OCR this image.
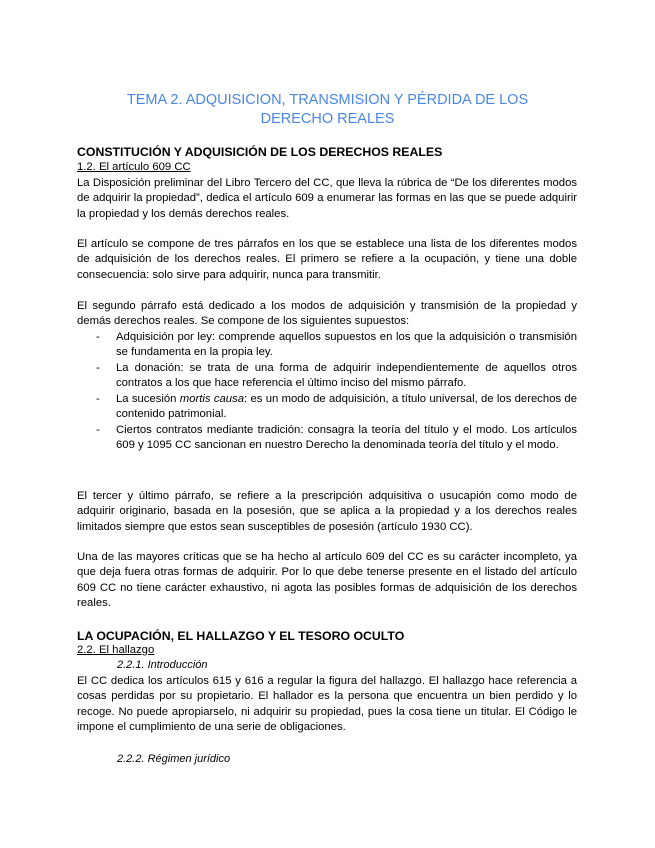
TEMA 2. ADQUISICION, TRANSMISION Y PÉRDIDA DE LOS DERECHO REALES
CONSTITUCIÓN Y ADQUISICIÓN DE LOS DERECHOS REALES
1.2. El artículo 609 CC
La Disposición preliminar del Libro Tercero del CC, que lleva la rúbrica de “De los diferentes modos de adquirir la propiedad”, dedica el artículo 609 a enumerar las formas en las que se puede adquirir la propiedad y los demás derechos reales.
El artículo se compone de tres párrafos en los que se establece una lista de los diferentes modos de adquisición de los derechos reales. El primero se refiere a la ocupación, y tiene una doble consecuencia: solo sirve para adquirir, nunca para transmitir.
El segundo párrafo está dedicado a los modos de adquisición y transmisión de la propiedad y demás derechos reales. Se compone de los siguientes supuestos:
-	Adquisición por ley: comprende aquellos supuestos en los que la adquisición o transmisión se fundamenta en la propia ley.
-	La donación: se trata de una forma de adquirir independientemente de aquellos otros contratos a los que hace referencia el último inciso del mismo párrafo.
-	La sucesión mortis causa: es un modo de adquisición, a título universal, de los derechos de contenido patrimonial.
-	Ciertos contratos mediante tradición: consagra la teoría del título y el modo. Los artículos 609 y 1095 CC sancionan en nuestro Derecho la denominada teoría del título y el modo.
El tercer y último párrafo, se refiere a la prescripción adquisitiva o usucapión como modo de adquirir originario, basada en la posesión, que se aplica a la propiedad y a los derechos reales limitados siempre que estos sean susceptibles de posesión (artículo 1930 CC).
Una de las mayores críticas que se ha hecho al artículo 609 del CC es su carácter incompleto, ya que deja fuera otras formas de adquirir. Por lo que debe tenerse presente en el listado del artículo 609 CC no tiene carácter exhaustivo, ni agota las posibles formas de adquisición de los derechos reales.
LA OCUPACIÓN, EL HALLAZGO Y EL TESORO OCULTO
2.2. El hallazgo
2.2.1. Introducción
El CC dedica los artículos 615 y 616 a regular la figura del hallazgo. El hallazgo hace referencia a cosas perdidas por su propietario. El hallador es la persona que encuentra un bien perdido y lo recoge. No puede apropiarselo, ni adquirir su propiedad, pues la cosa tiene un titular. El Código le impone el cumplimiento de una serie de obligaciones.
2.2.2. Régimen jurídico
